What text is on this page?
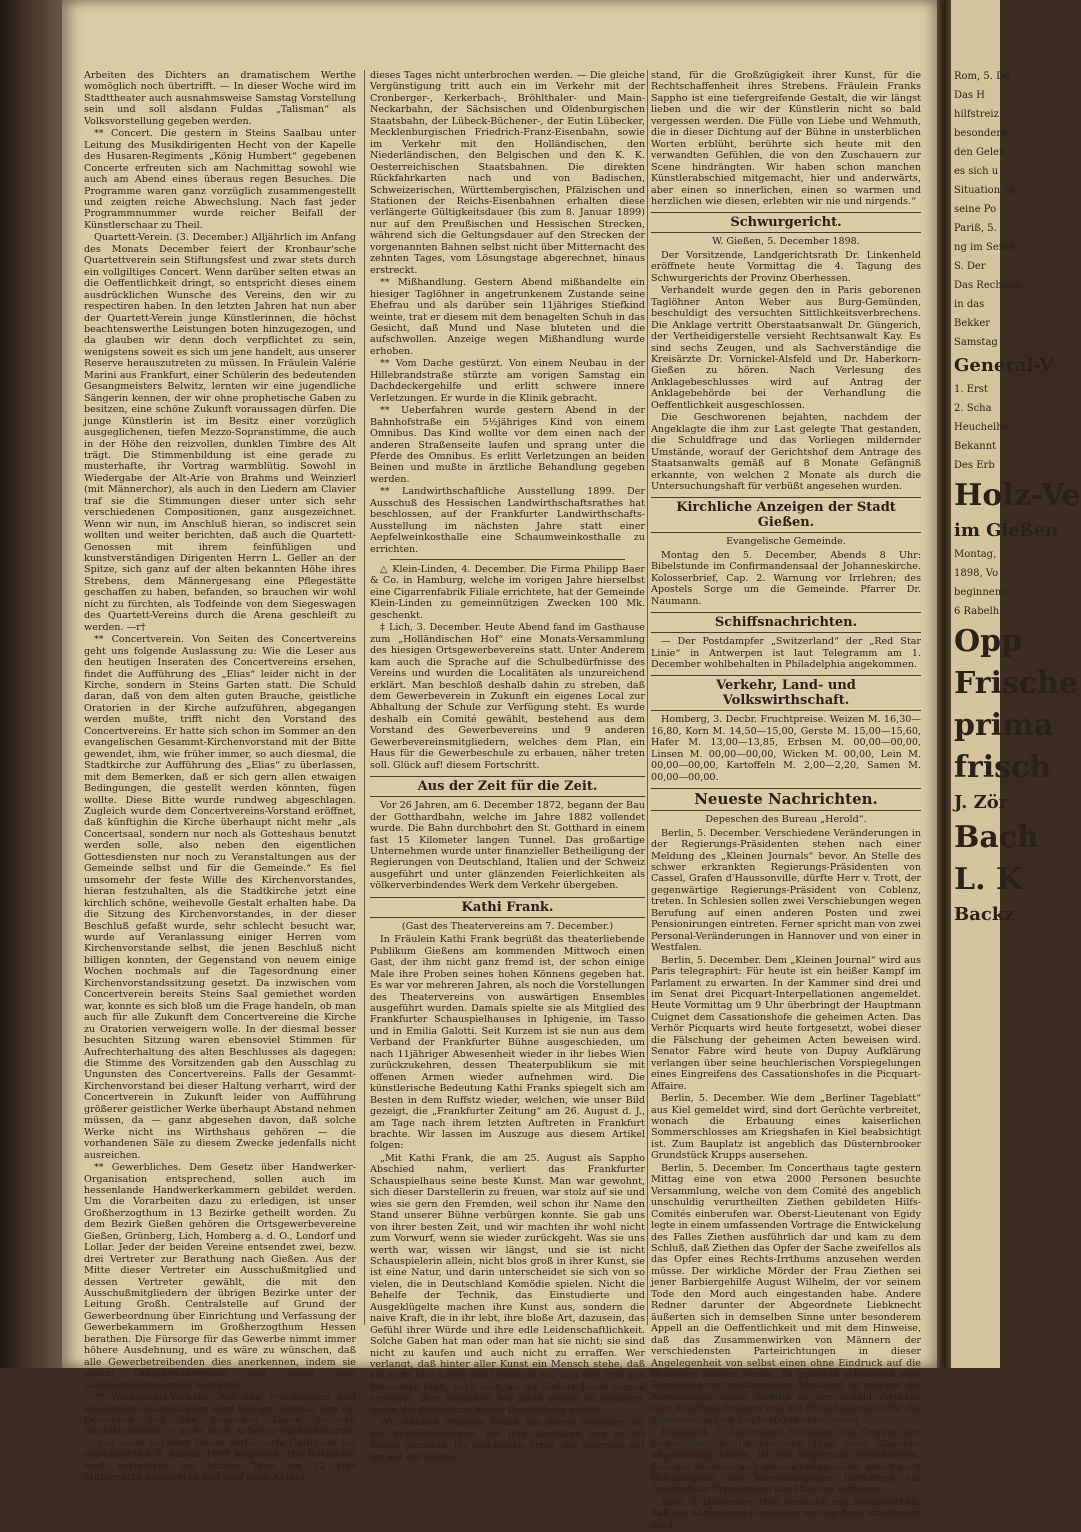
Arbeiten des Dichters an dramatischem Werthe womöglich noch übertrifft. — In dieser Woche wird im Stadttheater auch ausnahmsweise Samstag Vorstellung sein und soll alsdann Fuldas „Talisman“ als Volksvorstellung gegeben werden.

** Concert. Die gestern in Steins Saalbau unter Leitung des Musikdirigenten Hecht von der Kapelle des Husaren-Regiments „König Humbert“ gegebenen Concerte erfreuten sich am Nachmittag sowohl wie auch am Abend eines überaus regen Besuches. Die Programme waren ganz vorzüglich zusammengestellt und zeigten reiche Abwechslung. Nach fast jeder Programmnummer wurde reicher Beifall der Künstlerschaar zu Theil.

Quartett-Verein. (3. December.) Alljährlich im Anfang des Monats December feiert der Kronbaur'sche Quartettverein sein Stiftungsfest und zwar stets durch ein vollgiltiges Concert. Wenn darüber selten etwas an die Oeffentlichkeit dringt, so entspricht dieses einem ausdrücklichen Wunsche des Vereins, den wir zu respectiren haben. In den letzten Jahren hat nun aber der Quartett-Verein junge Künstlerinnen, die höchst beachtenswerthe Leistungen boten hinzugezogen, und da glauben wir denn doch verpflichtet zu sein, wenigstens soweit es sich um jene handelt, aus unserer Reserve herauszutreten zu müssen. In Fräulein Valérie Marini aus Frankfurt, einer Schülerin des bedeutenden Gesangmeisters Belwitz, lernten wir eine jugendliche Sängerin kennen, der wir ohne prophetische Gaben zu besitzen, eine schöne Zukunft voraussagen dürfen. Die junge Künstlerin ist im Besitz einer vorzüglich ausgeglichenen, tiefen Mezzo-Sopranstimme, die auch in der Höhe den reizvollen, dunklen Timbre des Alt trägt. Die Stimmenbildung ist eine gerade zu musterhafte, ihr Vortrag warmblütig. Sowohl in Wiedergabe der Alt-Arie von Brahms und Weinzierl (mit Männerchor), als auch in den Liedern am Clavier traf sie die Stimmungen dieser unter sich sehr verschiedenen Compositionen, ganz ausgezeichnet. Wenn wir nun, im Anschluß hieran, so indiscret sein wollten und weiter berichten, daß auch die Quartett-Genossen mit ihrem feinfühligen und kunstverständigen Dirigenten Herrn L. Geller an der Spitze, sich ganz auf der alten bekannten Höhe ihres Strebens, dem Männergesang eine Pflegestätte geschaffen zu haben, befanden, so brauchen wir wohl nicht zu fürchten, als Todfeinde von dem Siegeswagen des Quartett-Vereins durch die Arena geschleift zu werden. —r†

** Concertverein. Von Seiten des Concertvereins geht uns folgende Auslassung zu: Wie die Leser aus den heutigen Inseraten des Concertvereins ersehen, findet die Aufführung des „Elias“ leider nicht in der Kirche, sondern in Steins Garten statt. Die Schuld daran, daß von dem alten guten Brauche, geistliche Oratorien in der Kirche aufzuführen, abgegangen werden mußte, trifft nicht den Vorstand des Concertvereins. Er hatte sich schon im Sommer an den evangelischen Gesammt-Kirchenvorstand mit der Bitte gewendet, ihm, wie früher immer, so auch diesmal, die Stadtkirche zur Aufführung des „Elias“ zu überlassen, mit dem Bemerken, daß er sich gern allen etwaigen Bedingungen, die gestellt werden könnten, fügen wollte. Diese Bitte wurde rundweg abgeschlagen. Zugleich wurde dem Concertvereins-Vorstand eröffnet, daß künftighin die Kirche überhaupt nicht mehr „als Concertsaal, sondern nur noch als Gotteshaus benutzt werden solle, also neben den eigentlichen Gottesdiensten nur noch zu Veranstaltungen aus der Gemeinde selbst und für die Gemeinde.“ Es fiel umsomehr der feste Wille des Kirchenvorstandes, hieran festzuhalten, als die Stadtkirche jetzt eine kirchlich schöne, weihevolle Gestalt erhalten habe. Da die Sitzung des Kirchenvorstandes, in der dieser Beschluß gefaßt wurde, sehr schlecht besucht war, wurde auf Veranlassung einiger Herren vom Kirchenvorstande selbst, die jenen Beschluß nicht billigen konnten, der Gegenstand von neuem einige Wochen nochmals auf die Tagesordnung einer Kirchenvorstandssitzung gesetzt. Da inzwischen vom Concertverein bereits Steins Saal gemiethet worden war, konnte es sich bloß um die Frage handeln, ob man auch für alle Zukunft dem Concertvereine die Kirche zu Oratorien verweigern wolle. In der diesmal besser besuchten Sitzung waren ebensoviel Stimmen für Aufrechterhaltung des alten Beschlusses als dagegen; die Stimme des Vorsitzenden gab den Ausschlag zu Ungunsten des Concertvereins. Falls der Gesammt-Kirchenvorstand bei dieser Haltung verharrt, wird der Concertverein in Zukunft leider von Aufführung größerer geistlicher Werke überhaupt Abstand nehmen müssen, da — ganz abgesehen davon, daß solche Werke nicht ins Wirthshaus gehören — die vorhandenen Säle zu diesem Zwecke jedenfalls nicht ausreichen.

** Gewerbliches. Dem Gesetz über Handwerker-Organisation entsprechend, sollen auch im hessenlande Handwerkerkammern gebildet werden. Um die Vorarbeiten dazu zu erledigen, ist unser Großherzogthum in 13 Bezirke getheilt worden. Zu dem Bezirk Gießen gehören die Ortsgewerbevereine Gießen, Grünberg, Lich, Homberg a. d. O., Londorf und Lollar. Jeder der beiden Vereine entsendet zwei, bezw. drei Vertreter zur Berathung nach Gießen. Aus der Mitte dieser Vertreter ein Ausschußmitglied und dessen Vertreter gewählt, die mit den Ausschußmitgliedern der übrigen Bezirke unter der Leitung Großh. Centralstelle auf Grund der Gewerbeordnung über Einrichtung und Verfassung der Gewerbekammern im Großherzogthum Hessen berathen. Die Fürsorge für das Gewerbe nimmt immer höhere Ausdehnung, und es wäre zu wünschen, daß alle Gewerbetreibenden dies anerkennen, indem sie einem Ortsgewerbeverein und damit dem Landesgewerbeverein beitreten.

** Weihnachts-Verkehr. Auf den Preußischen und Hessischen Staatsbahnen wird den am Sonntag den 18. December und den folgenden Tagen gelösten Rückfahrkarten — nicht auch Arbeiter-Rückfahrkarten — von sonst kürzerer Dauer verlängerte Gültigkeit bis einschließlich 8. Januar 1899 beigelegt. Die Rückfahrt muß spätestens am letzten Tage um 12 Uhr Mitternacht angetreten und darf nach Ablauf

dieses Tages nicht unterbrochen werden. — Die gleiche Vergünstigung tritt auch ein im Verkehr mit der Cronberger-, Kerkerbach-, Bröhlthaler- und Main-Neckarbahn, der Sächsischen und Oldenburgischen Staatsbahn, der Lübeck-Büchener-, der Eutin Lübecker, Mecklenburgischen Friedrich-Franz-Eisenbahn, sowie im Verkehr mit den Holländischen, den Niederländischen, den Belgischen und den K. K. Oesterreichischen Staatsbahnen. Die direkten Rückfahrkarten nach und von Badischen, Schweizerischen, Württembergischen, Pfälzischen und Stationen der Reichs-Eisenbahnen erhalten diese verlängerte Gültigkeitsdauer (bis zum 8. Januar 1899) nur auf den Preußischen und Hessischen Strecken, während sich die Geltungsdauer auf den Strecken der vorgenannten Bahnen selbst nicht über Mitternacht des zehnten Tages, vom Lösungstage abgerechnet, hinaus erstreckt.

** Mißhandlung. Gestern Abend mißhandelte ein hiesiger Taglöhner in angetrunkenem Zustande seine Ehefrau und als darüber sein 11jähriges Stiefkind weinte, trat er diesem mit dem benagelten Schuh in das Gesicht, daß Mund und Nase bluteten und die aufschwollen. Anzeige wegen Mißhandlung wurde erhoben.

** Vom Dache gestürzt. Von einem Neubau in der Hillebrandstraße stürzte am vorigen Samstag ein Dachdeckergehilfe und erlitt schwere innere Verletzungen. Er wurde in die Klinik gebracht.

** Ueberfahren wurde gestern Abend in der Bahnhofstraße ein 5½jähriges Kind von einem Omnibus. Das Kind wollte vor dem einen nach der anderen Straßenseite laufen und sprang unter die Pferde des Omnibus. Es erlitt Verletzungen an beiden Beinen und mußte in ärztliche Behandlung gegeben werden.

** Landwirthschaftliche Ausstellung 1899. Der Ausschuß des Hessischen Landwirthschaftsrathes hat beschlossen, auf der Frankfurter Landwirthschafts-Ausstellung im nächsten Jahre statt einer Aepfelweinkosthalle eine Schaumweinkosthalle zu errichten.

△ Klein-Linden, 4. December. Die Firma Philipp Baer & Co. in Hamburg, welche im vorigen Jahre hierselbst eine Cigarrenfabrik Filiale errichtete, hat der Gemeinde Klein-Linden zu gemeinnützigen Zwecken 100 Mk. geschenkt.

‡ Lich, 3. December. Heute Abend fand im Gasthause zum „Holländischen Hof“ eine Monats-Versammlung des hiesigen Ortsgewerbevereins statt. Unter Anderem kam auch die Sprache auf die Schulbedürfnisse des Vereins und wurden die Localitäten als unzureichend erklärt. Man beschloß deshalb dahin zu streben, daß dem Gewerbeverein in Zukunft ein eigenes Local zur Abhaltung der Schule zur Verfügung steht. Es wurde deshalb ein Comité gewählt, bestehend aus dem Vorstand des Gewerbevereins und 9 anderen Gewerbevereinsmitgliedern, welches dem Plan, ein Haus für die Gewerbeschule zu erbauen, näher treten soll. Glück auf! diesem Fortschritt.

Aus der Zeit für die Zeit.

Vor 26 Jahren, am 6. December 1872, begann der Bau der Gotthardbahn, welche im Jahre 1882 vollendet wurde. Die Bahn durchbohrt den St. Gotthard in einem fast 15 Kilometer langen Tunnel. Das großartige Unternehmen wurde unter finanzieller Betheiligung der Regierungen von Deutschland, Italien und der Schweiz ausgeführt und unter glänzenden Feierlichkeiten als völkerverbindendes Werk dem Verkehr übergeben.

Kathi Frank.
(Gast des Theatervereins am 7. December.)

In Fräulein Kathi Frank begrüßt das theaterliebende Publikum Gießens am kommenden Mittwoch einen Gast, der ihm nicht ganz fremd ist, der schon einige Male ihre Proben seines hohen Könnens gegeben hat. Es war vor mehreren Jahren, als noch die Vorstellungen des Theatervereins von auswärtigen Ensembles ausgeführt wurden. Damals spielte sie als Mitglied des Frankfurter Schauspielhauses in Iphigenie, im Tasso und in Emilia Galotti. Seit Kurzem ist sie nun aus dem Verband der Frankfurter Bühne ausgeschieden, um nach 11jähriger Abwesenheit wieder in ihr liebes Wien zurückzukehren, dessen Theaterpublikum sie mit offenen Armen wieder aufnehmen wird. Die künstlerische Bedeutung Kathi Franks spiegelt sich am Besten in dem Ruffstz wieder, welchen, wie unser Bild gezeigt, die „Frankfurter Zeitung“ am 26. August d. J., am Tage nach ihrem letzten Auftreten in Frankfurt brachte. Wir lassen im Auszuge aus diesem Artikel folgen:

„Mit Kathi Frank, die am 25. August als Sappho Abschied nahm, verliert das Frankfurter Schauspielhaus seine beste Kunst. Man war gewohnt, sich dieser Darstellerin zu freuen, war stolz auf sie und wies sie gern den Fremden, weil schon ihr Name den Stand unserer Bühne verbürgen konnte. Sie gab uns von ihrer besten Zeit, und wir machten ihr wohl nicht zum Vorwurf, wenn sie wieder zurückgeht. Was sie uns werth war, wissen wir längst, und sie ist nicht Schauspielerin allein, nicht blos groß in ihrer Kunst, sie ist eine Natur, und darin unterscheidet sie sich von so vielen, die in Deutschland Komödie spielen. Nicht die Behelfe der Technik, das Einstudierte und Ausgeklügelte machen ihre Kunst aus, sondern die naive Kraft, die in ihr lebt, ihre bloße Art, dazusein, das Gefühl ihrer Würde und ihre edle Leidenschaftlichkeit. Solche Gaben hat man oder man hat sie nicht; sie sind nicht zu kaufen und auch nicht zu erraffen. Wer verlangt, daß hinter aller Kunst ein Mensch stehe, daß sie nicht blos Larve und Grimasse sei, und wer froh den Menschen fühlt, auch dort, wo die äußere Kunst einmal versagte, dem brauchen wir nicht weiter zu erklären, worin die Bedeutung dieser Darstellerin gipfelt.

Wir danken Fräulein Frank bei ihrem Scheiden für die Erschütterungen, die ihre Gestalten uns so oft fühlen gemacht, für den hohen Ernst, der jederzeit mit ihr auf der Bühne

stand, für die Großzügigkeit ihrer Kunst, für die Rechtschaffenheit ihres Strebens. Fräulein Franks Sappho ist eine tiefergreifende Gestalt, die wir längst lieben und die wir der Künstlerin nicht so bald vergessen werden. Die Fülle von Liebe und Wehmuth, die in dieser Dichtung auf der Bühne in unsterblichen Worten erblüht, berührte sich heute mit den verwandten Gefühlen, die von den Zuschauern zur Scene hindrängten. Wir haben schon manchen Künstlerabschied mitgemacht, hier und anderwärts, aber einen so innerlichen, einen so warmen und herzlichen wie diesen, erlebten wir nie und nirgends.“

Schwurgericht.
W. Gießen, 5. December 1898.

Der Vorsitzende, Landgerichtsrath Dr. Linkenheld eröffnete heute Vormittag die 4. Tagung des Schwurgerichts der Provinz Oberhessen.

Verhandelt wurde gegen den in Paris geborenen Taglöhner Anton Weber aus Burg-Gemünden, beschuldigt des versuchten Sittlichkeitsverbrechens. Die Anklage vertritt Oberstaatsanwalt Dr. Güngerich, der Vertheidigerstelle versieht Rechtsanwalt Kay. Es sind sechs Zeugen, und als Sachverständige die Kreisärzte Dr. Vornickel-Alsfeld und Dr. Haberkorn-Gießen zu hören. Nach Verlesung des Anklagebeschlusses wird auf Antrag der Anklagebehörde bei der Verhandlung die Oeffentlichkeit ausgeschlossen.

Die Geschworenen bejahten, nachdem der Angeklagte die ihm zur Last gelegte That gestanden, die Schuldfrage und das Vorliegen mildernder Umstände, worauf der Gerichtshof dem Antrage des Staatsanwalts gemäß auf 8 Monate Gefängniß erkannte, von welchen 2 Monate als durch die Untersuchungshaft für verbüßt angesehen wurden.

Kirchliche Anzeigen der Stadt Gießen.
Evangelische Gemeinde.

Montag den 5. December, Abends 8 Uhr: Bibelstunde im Confirmandensaal der Johanneskirche. Kolosserbrief, Cap. 2. Warnung vor Irrlehren; des Apostels Sorge um die Gemeinde. Pfarrer Dr. Naumann.

Schiffsnachrichten.

— Der Postdampfer „Switzerland“ der „Red Star Linie“ in Antwerpen ist laut Telegramm am 1. December wohlbehalten in Philadelphia angekommen.

Verkehr, Land- und Volkswirthschaft.

Homberg, 3. Decbr. Fruchtpreise. Weizen M. 16,30—16,80, Korn M. 14,50—15,00, Gerste M. 15,00—15,60, Hafer M. 13,00—13,85, Erbsen M. 00,00—00,00, Linsen M. 00,00—00,00, Wicken M. 00,00, Lein M. 00,00—00,00, Kartoffeln M. 2,00—2,20, Samen M. 00,00—00,00.

Neueste Nachrichten.
Depeschen des Bureau „Herold“.

Berlin, 5. December. Verschiedene Veränderungen in der Regierungs-Präsidenten stehen nach einer Meldung des „Kleinen Journals“ bevor. An Stelle des schwer erkrankten Regierungs-Präsidenten von Cassel, Grafen d'Haussonville, dürfte Herr v. Trott, der gegenwärtige Regierungs-Präsident von Coblenz, treten. In Schlesien sollen zwei Verschiebungen wegen Berufung auf einen anderen Posten und zwei Pensionirungen eintreten. Ferner spricht man von zwei Personal-Veränderungen in Hannover und von einer in Westfalen.

Berlin, 5. December. Dem „Kleinen Journal“ wird aus Paris telegraphirt: Für heute ist ein heißer Kampf im Parlament zu erwarten. In der Kammer sind drei und im Senat drei Picquart-Interpellationen angemeldet. Heute Vormittag um 9 Uhr überbringt der Hauptmann Cuignet dem Cassationshofe die geheimen Acten. Das Verhör Picquarts wird heute fortgesetzt, wobei dieser die Fälschung der geheimen Acten beweisen wird. Senator Fabre wird heute von Dupuy Aufklärung verlangen über seine heuchlerischen Vorspiegelungen eines Eingreifens des Cassationshofes in die Picquart-Affaire.

Berlin, 5. December. Wie dem „Berliner Tageblatt“ aus Kiel gemeldet wird, sind dort Gerüchte verbreitet, wonach die Erbauung eines kaiserlichen Sommerschlosses am Kriegshafen in Kiel beabsichtigt ist. Zum Bauplatz ist angeblich das Düsternbrooker Grundstück Krupps ausersehen.

Berlin, 5. December. Im Concerthaus tagte gestern Mittag eine von etwa 2000 Personen besuchte Versammlung, welche von dem Comité des angeblich unschuldig verurtheilten Ziethen gebildeten Hilfs-Comités einberufen war. Oberst-Lieutenant von Egidy legte in einem umfassenden Vortrage die Entwickelung des Falles Ziethen ausführlich dar und kam zu dem Schluß, daß Ziethen das Opfer der Sache zweifellos als das Opfer eines Rechts-Irrthums anzusehen werden müsse. Der wirkliche Mörder der Frau Ziethen sei jener Barbiergehilfe August Wilhelm, der vor seinem Tode den Mord auch eingestanden habe. Andere Redner darunter der Abgeordnete Liebknecht äußerten sich in demselben Sinne unter besonderem Appell an die Oeffentlichkeit und mit dem Hinweise, daß das Zusammenwirken von Männern der verschiedensten Parteirichtungen in dieser Angelegenheit von selbst einen ohne Eindruck auf die Behörden bleiben werde. Es gelangte schließlich eine Resolution zur einstimmigen Annahme, in welcher die Anwesenden ihrem Zweifel an der Schuld Ziethens zum Ausdruck bringen und mit Entschiedenheit für die Wiederaufnahme des Verfahrens eintreten.

Budapest, 5. December. Nachdem die Organe der Opposition für die nächsten Tage neue Skandale angekündigt haben, ist die Regierung entschlossen, falls die Meldung sich bewahrheiten sollte, sofort nach Bekanntgabe der Vereinbarungen betreffend ein Indemnitäts Provisorium das Haus zu vertagen.

Rom, 5. December. Hier verlautet mit Bestimmtheit, daß die Abrüstungs-Conferenz erst im April stattfinden wird.

Rom, 5. De
Das H
hilfstreiz
besondere
den Geleit
es sich u
Situation zu
seine Po
Pariß, 5.
ng im Senat
S. Der
Das Rechnun
in das
Bekker
Samstag
General-V
1. Erst
2. Scha
Heuchelhe
Bekannt
Des Erb
Holz-Ve
im Gießen
Montag,
1898, Vo
beginnend
6 Rabelh
Opp
Frische
prima
frisch
J. Zör
Bach
L. K
Backz
